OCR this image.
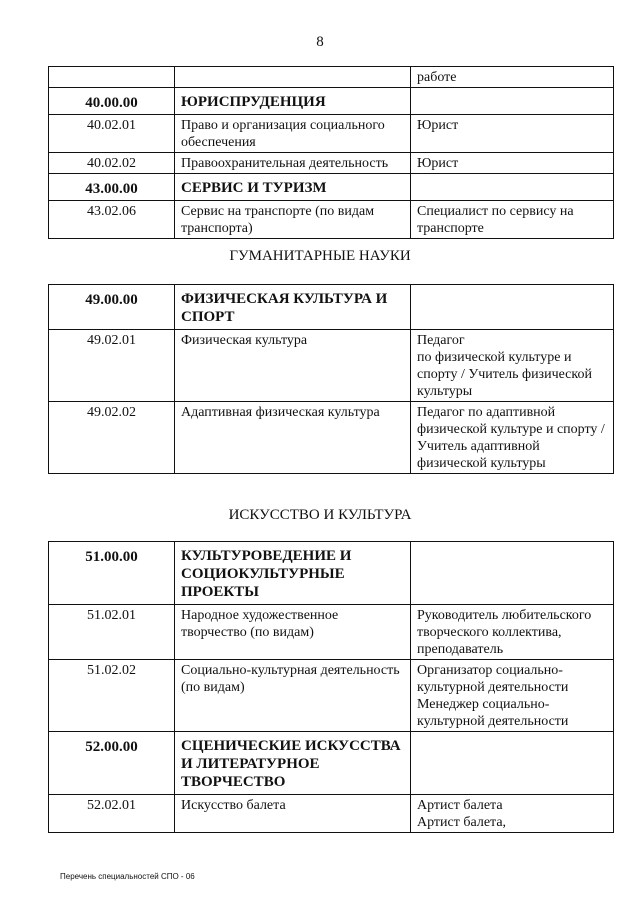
8
		работе
40.00.00	ЮРИСПРУДЕНЦИЯ	
40.02.01	Право и организация социального обеспечения	Юрист
40.02.02	Правоохранительная деятельность	Юрист
43.00.00	СЕРВИС И ТУРИЗМ	
43.02.06	Сервис на транспорте (по видам транспорта)	Специалист по сервису на транспорте
ГУМАНИТАРНЫЕ НАУКИ
49.00.00	ФИЗИЧЕСКАЯ КУЛЬТУРА И СПОРТ	
49.02.01	Физическая культура	Педагог
по физической культуре и спорту / Учитель физической культуры
49.02.02	Адаптивная физическая культура	Педагог по адаптивной физической культуре и спорту / Учитель адаптивной физической культуры
ИСКУССТВО И КУЛЬТУРА
51.00.00	КУЛЬТУРОВЕДЕНИЕ И СОЦИОКУЛЬТУРНЫЕ ПРОЕКТЫ	
51.02.01	Народное художественное творчество (по видам)	Руководитель любительского творческого коллектива, преподаватель
51.02.02	Социально-культурная деятельность (по видам)	Организатор социально-культурной деятельности
Менеджер социально-культурной деятельности
52.00.00	СЦЕНИЧЕСКИЕ ИСКУССТВА И ЛИТЕРАТУРНОЕ ТВОРЧЕСТВО	
52.02.01	Искусство балета	Артист балета
Артист балета,
Перечень специальностей СПО - 06
